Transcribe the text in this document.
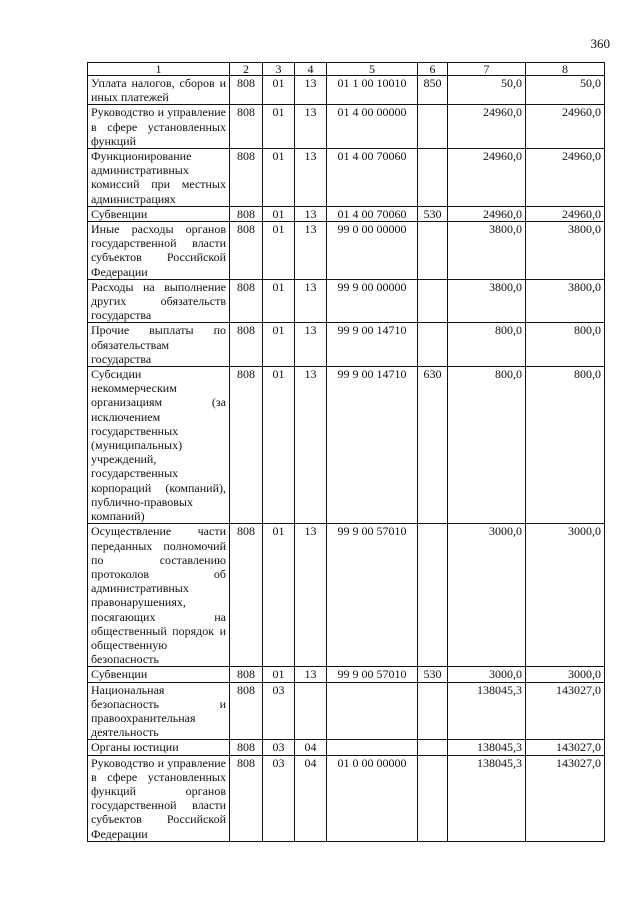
360
1	2	3	4	5	6	7	8
Уплата налогов, сборов и иных платежей	808	01	13	01 1 00 10010	850	50,0	50,0
Руководство и управление в сфере установленных функций	808	01	13	01 4 00 00000		24960,0	24960,0
Функционирование административных комиссий при местных администрациях	808	01	13	01 4 00 70060		24960,0	24960,0
Субвенции	808	01	13	01 4 00 70060	530	24960,0	24960,0
Иные расходы органов государственной власти субъектов Российской Федерации	808	01	13	99 0 00 00000		3800,0	3800,0
Расходы на выполнение других обязательств государства	808	01	13	99 9 00 00000		3800,0	3800,0
Прочие выплаты по обязательствам государства	808	01	13	99 9 00 14710		800,0	800,0
Субсидии некоммерческим организациям (за исключением государственных (муниципальных) учреждений, государственных корпораций (компаний), публично-правовых компаний)	808	01	13	99 9 00 14710	630	800,0	800,0
Осуществление части переданных полномочий по составлению протоколов об административных правонарушениях, посягающих на общественный порядок и общественную безопасность	808	01	13	99 9 00 57010		3000,0	3000,0
Субвенции	808	01	13	99 9 00 57010	530	3000,0	3000,0
Национальная безопасность и правоохранительная деятельность	808	03				138045,3	143027,0
Органы юстиции	808	03	04			138045,3	143027,0
Руководство и управление в сфере установленных функций органов государственной власти субъектов Российской Федерации	808	03	04	01 0 00 00000		138045,3	143027,0
